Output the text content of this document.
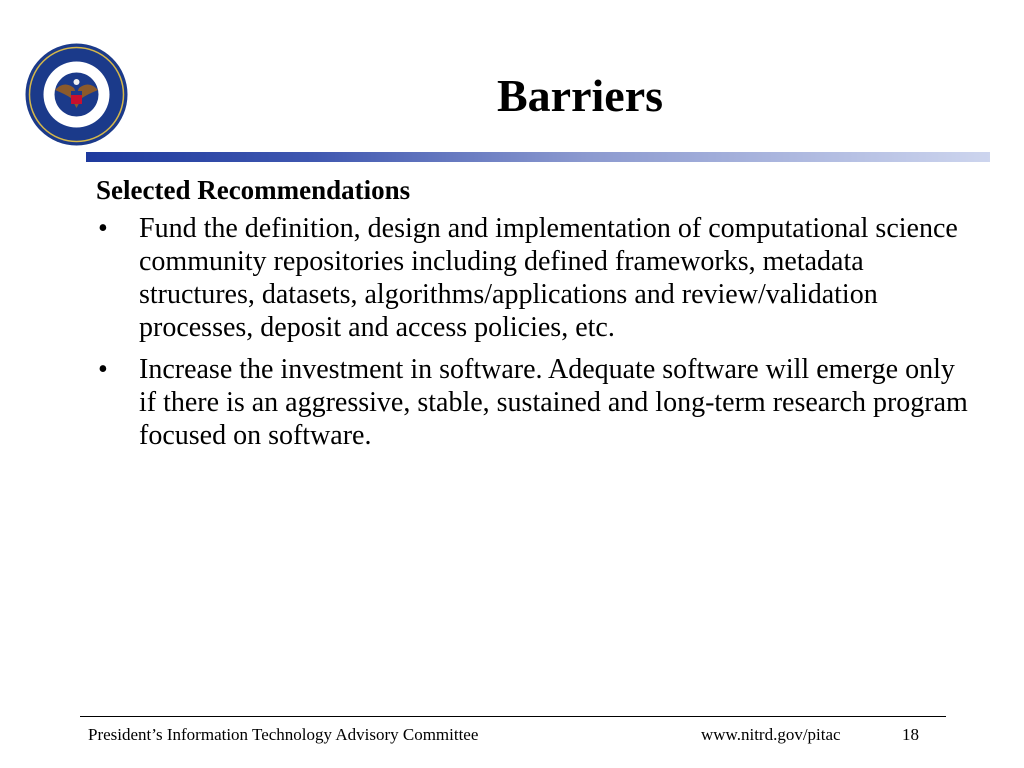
Barriers

Selected Recommendations

• Fund the definition, design and implementation of computational science community repositories including defined frameworks, metadata structures, datasets, algorithms/applications and review/validation processes, deposit and access policies, etc.
• Increase the investment in software. Adequate software will emerge only if there is an aggressive, stable, sustained and long-term research program focused on software.
President’s Information Technology Advisory Committee	www.nitrd.gov/pitac	18
